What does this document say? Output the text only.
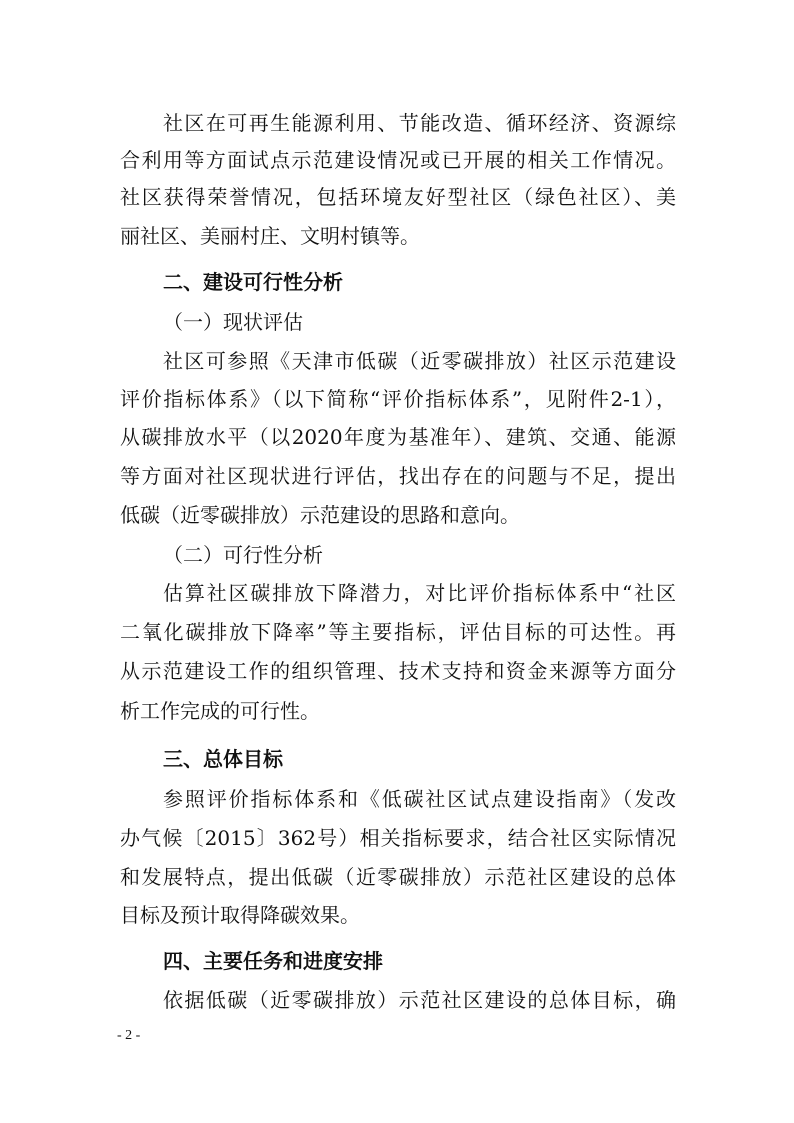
社区在可再生能源利用、节能改造、循环经济、资源综
合利用等方面试点示范建设情况或已开展的相关工作情况。
社区获得荣誉情况，包括环境友好型社区（绿色社区）、美
丽社区、美丽村庄、文明村镇等。
二、建设可行性分析
（一）现状评估
社区可参照《天津市低碳（近零碳排放）社区示范建设
评价指标体系》（以下简称“评价指标体系”，见附件2-1），
从碳排放水平（以2020年度为基准年）、建筑、交通、能源
等方面对社区现状进行评估，找出存在的问题与不足，提出
低碳（近零碳排放）示范建设的思路和意向。
（二）可行性分析
估算社区碳排放下降潜力，对比评价指标体系中“社区
二氧化碳排放下降率”等主要指标，评估目标的可达性。再
从示范建设工作的组织管理、技术支持和资金来源等方面分
析工作完成的可行性。
三、总体目标
参照评价指标体系和《低碳社区试点建设指南》（发改
办气候〔2015〕362号）相关指标要求，结合社区实际情况
和发展特点，提出低碳（近零碳排放）示范社区建设的总体
目标及预计取得降碳效果。
四、主要任务和进度安排
依据低碳（近零碳排放）示范社区建设的总体目标，确
- 2 -
